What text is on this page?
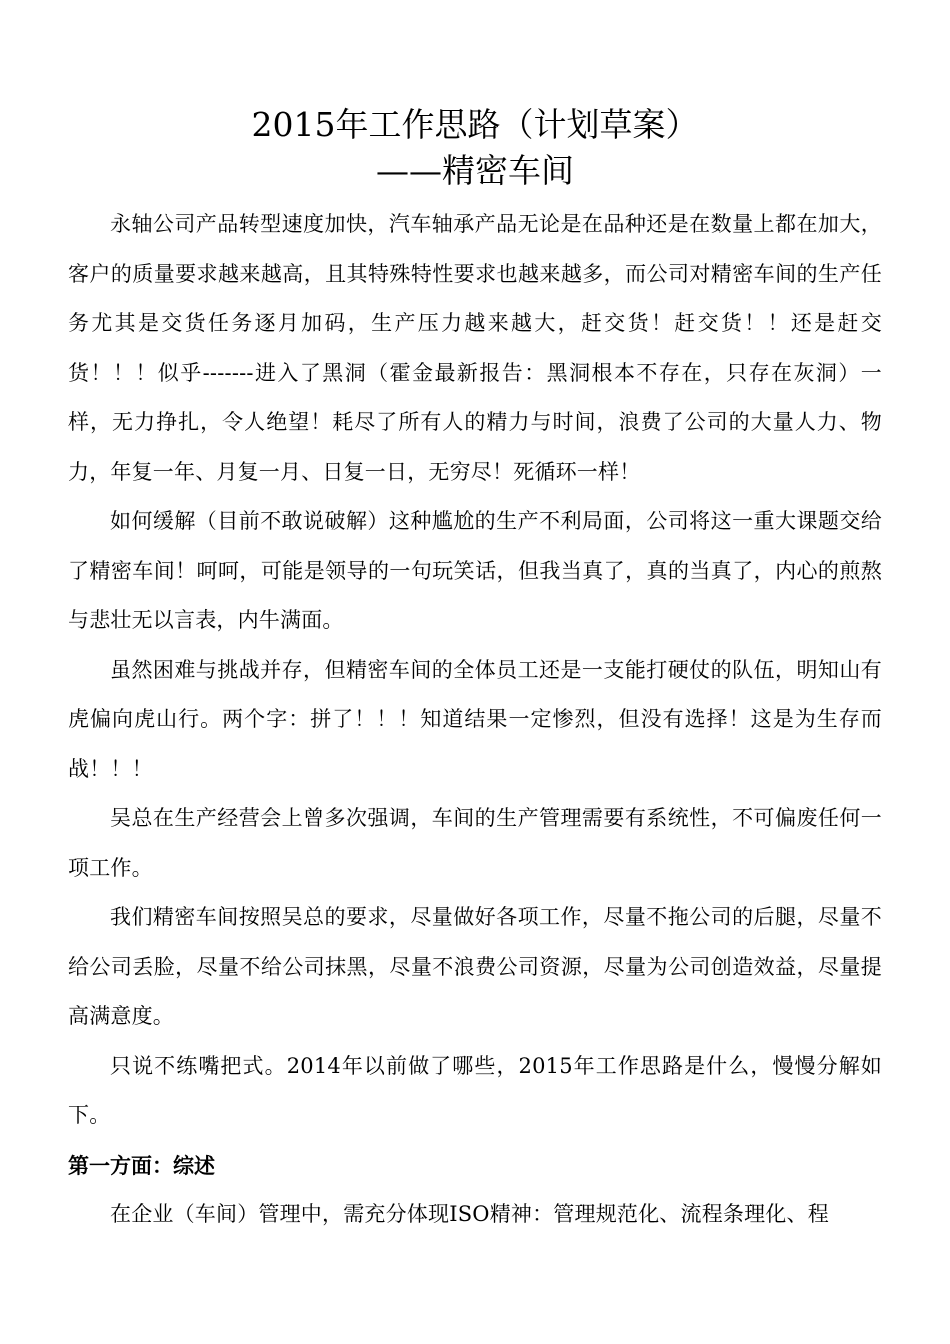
2015年工作思路（计划草案）
——精密车间

永轴公司产品转型速度加快，汽车轴承产品无论是在品种还是在数量上都在加大，客户的质量要求越来越高，且其特殊特性要求也越来越多，而公司对精密车间的生产任务尤其是交货任务逐月加码，生产压力越来越大，赶交货！赶交货！！还是赶交货！！！似乎-------进入了黑洞（霍金最新报告：黑洞根本不存在，只存在灰洞）一样，无力挣扎，令人绝望！耗尽了所有人的精力与时间，浪费了公司的大量人力、物力，年复一年、月复一月、日复一日，无穷尽！死循环一样！

如何缓解（目前不敢说破解）这种尴尬的生产不利局面，公司将这一重大课题交给了精密车间！呵呵，可能是领导的一句玩笑话，但我当真了，真的当真了，内心的煎熬与悲壮无以言表，内牛满面。

虽然困难与挑战并存，但精密车间的全体员工还是一支能打硬仗的队伍，明知山有虎偏向虎山行。两个字：拼了！！！知道结果一定惨烈，但没有选择！这是为生存而战！！！

吴总在生产经营会上曾多次强调，车间的生产管理需要有系统性，不可偏废任何一项工作。

我们精密车间按照吴总的要求，尽量做好各项工作，尽量不拖公司的后腿，尽量不给公司丢脸，尽量不给公司抹黑，尽量不浪费公司资源，尽量为公司创造效益，尽量提高满意度。

只说不练嘴把式。2014年以前做了哪些，2015年工作思路是什么，慢慢分解如下。

第一方面：综述

在企业（车间）管理中，需充分体现ISO精神：管理规范化、流程条理化、程
